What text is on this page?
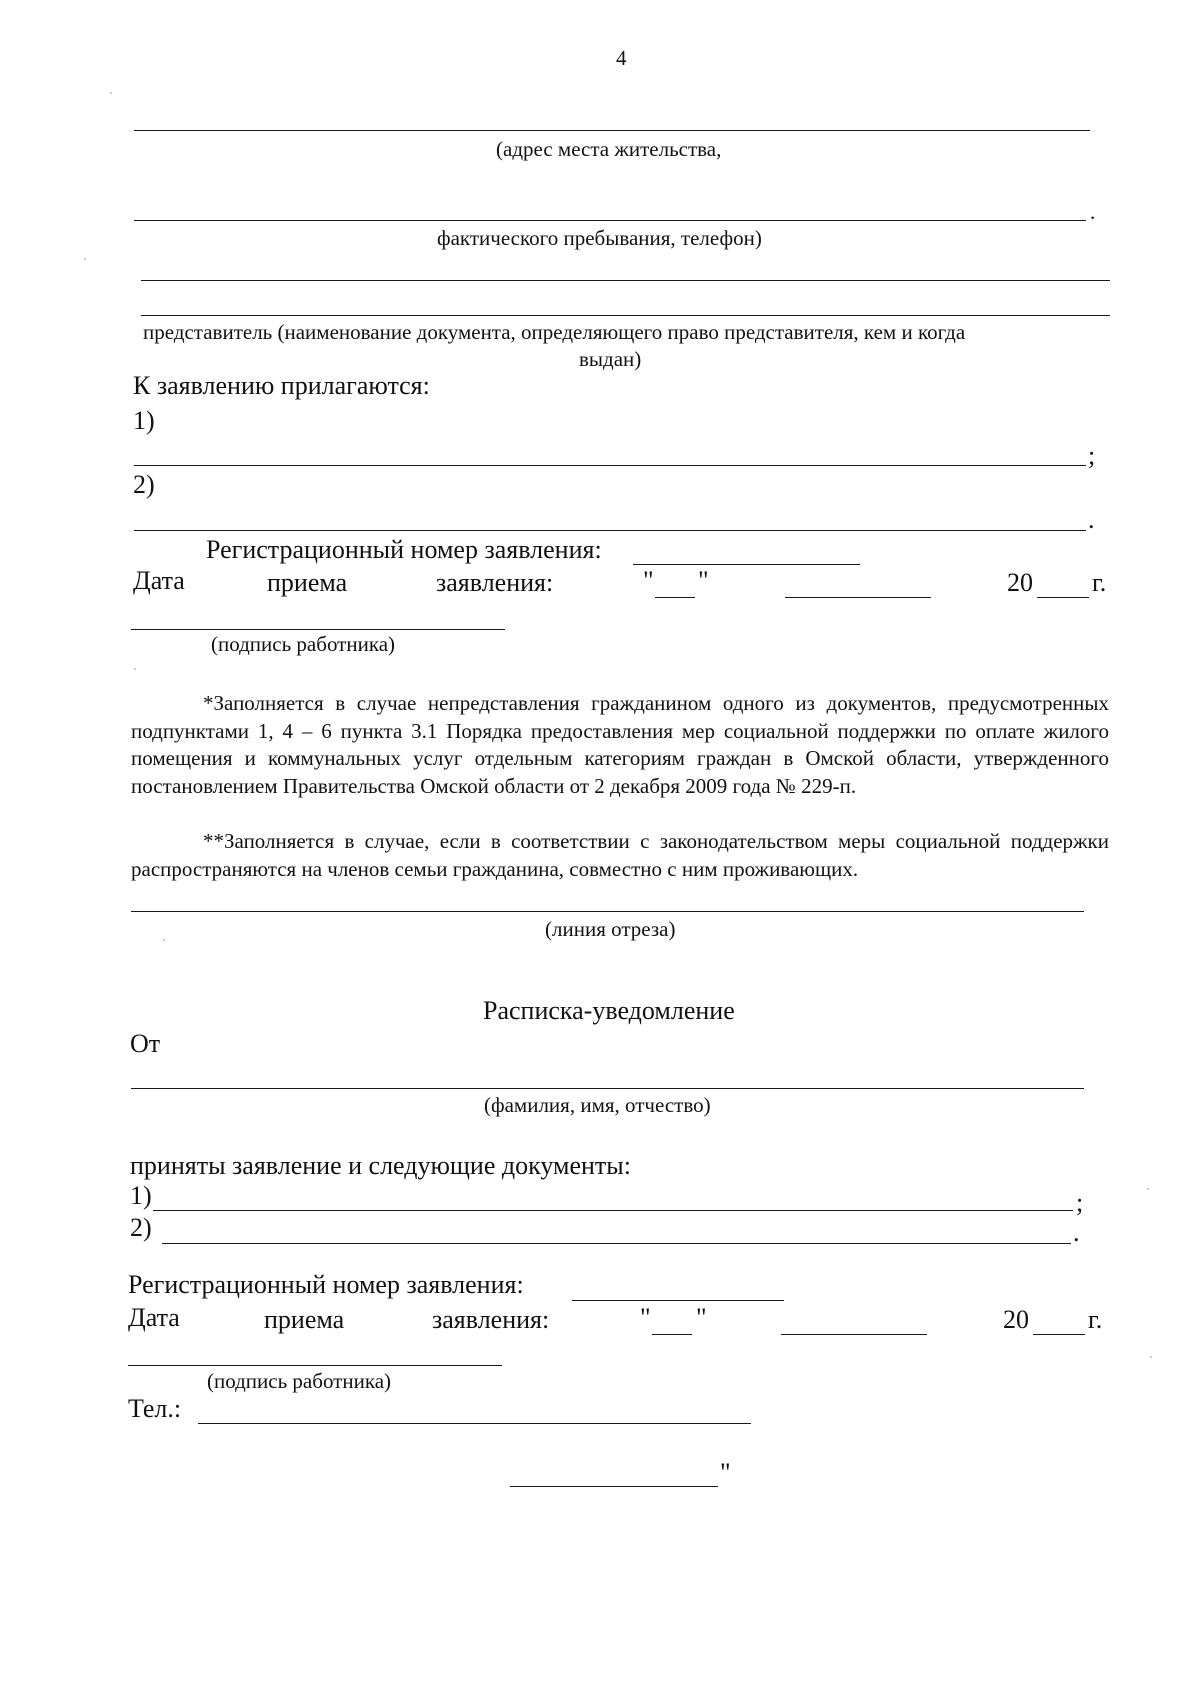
4
(адрес места жительства,
.
фактического пребывания, телефон)
представитель (наименование документа, определяющего право представителя, кем и когда
выдан)
К заявлению прилагаются:
1)
;
2)
.
Регистрационный номер заявления:
Дата	приема	заявления:	" "	20 г.
(подпись работника)
*Заполняется в случае непредставления гражданином одного из документов, предусмотренных подпунктами 1, 4 – 6 пункта 3.1 Порядка предоставления мер социальной поддержки по оплате жилого помещения и коммунальных услуг отдельным категориям граждан в Омской области, утвержденного постановлением Правительства Омской области от 2 декабря 2009 года № 229-п.
**Заполняется в случае, если в соответствии с законодательством меры социальной поддержки распространяются на членов семьи гражданина, совместно с ним проживающих.
(линия отреза)
Расписка-уведомление
От
(фамилия, имя, отчество)
приняты заявление и следующие документы:
1)	;
2)	.
Регистрационный номер заявления:
Дата	приема	заявления:	" "	20 г.
(подпись работника)
Тел.:
"
